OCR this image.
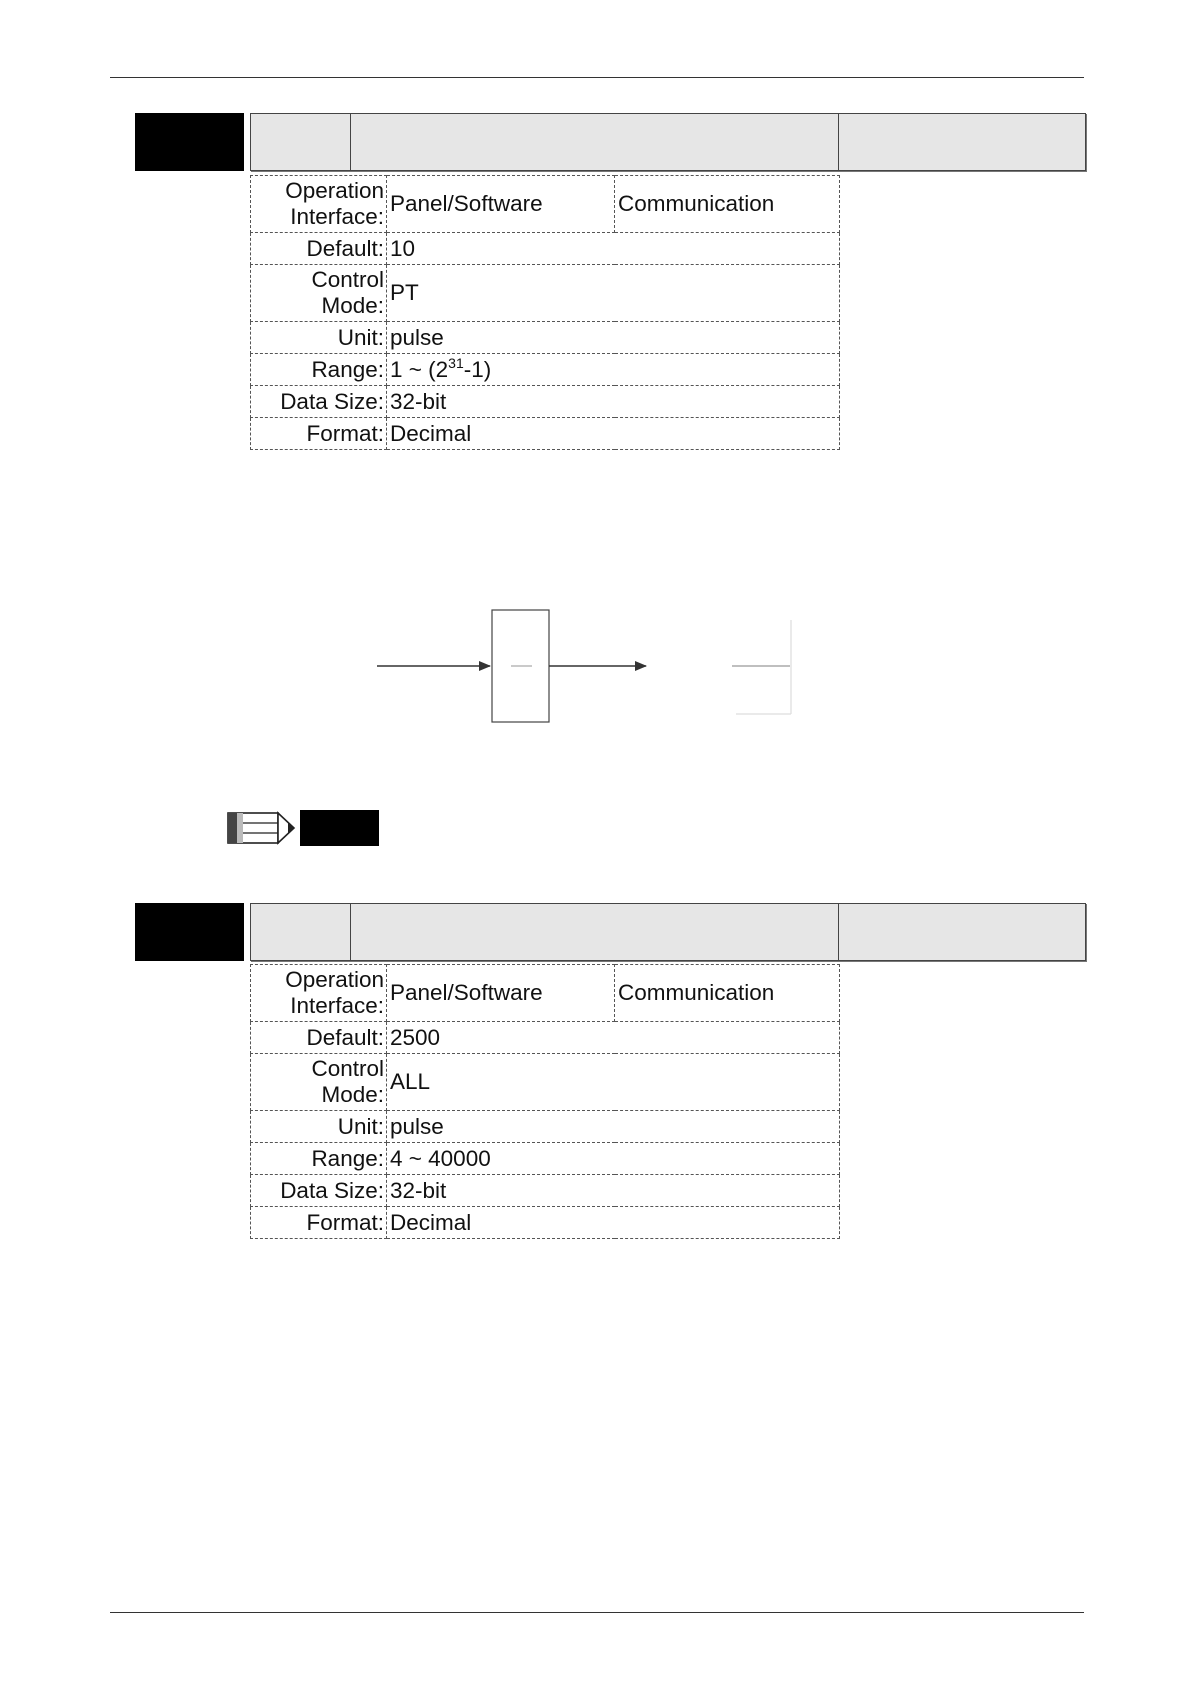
Operation
Interface:	Panel/Software	Communication
Default:	10	

Control
Mode:	PT	
Unit:	pulse	
Range:	1 ~ $(2^{31}-1)$	
Data Size:	32-bit	
Format:	Decimal	
Operation
Interface:	Panel/Software	Communication
Default:	2500	

Control
Mode:	ALL	
Unit:	pulse	
Range:	4 ~ 40000	
Data Size:	32-bit	
Format:	Decimal	
